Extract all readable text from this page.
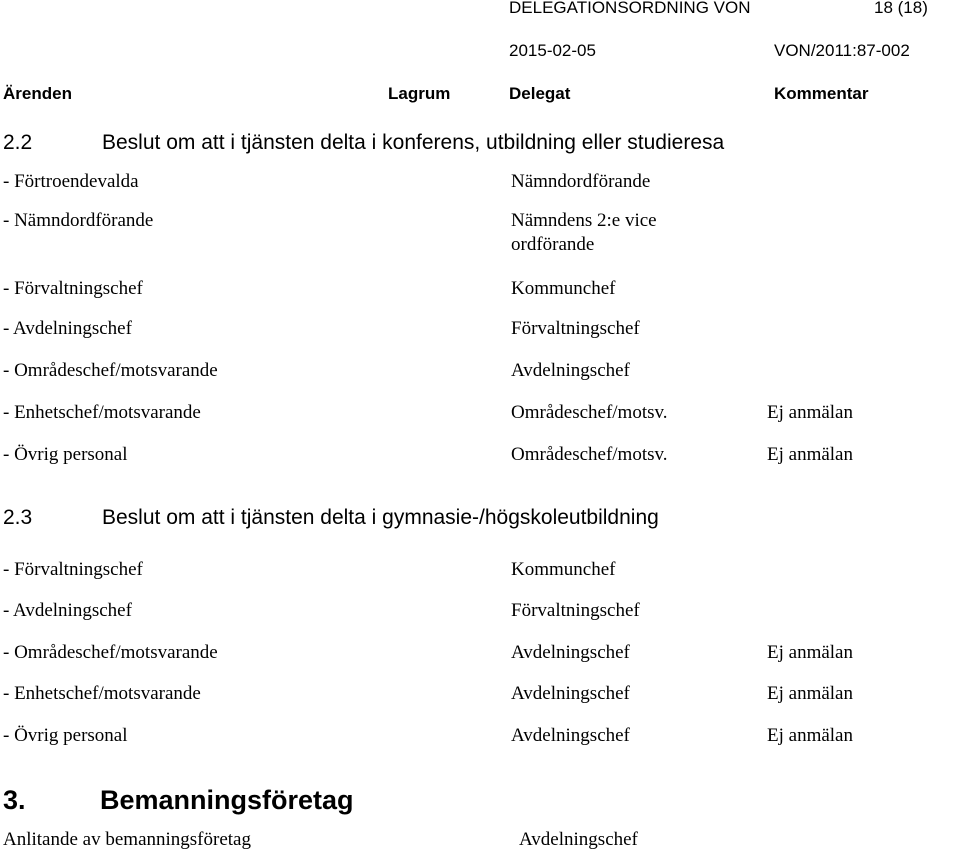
DELEGATIONSORDNING VON	18 (18)
2015-02-05	VON/2011:87-002
Ärenden	Lagrum	Delegat	Kommentar
2.2	Beslut om att i tjänsten delta i konferens, utbildning eller studieresa
- Förtroendevalda	Nämndordförande
- Nämndordförande	Nämndens 2:e vice
ordförande
- Förvaltningschef	Kommunchef
- Avdelningschef	Förvaltningschef
- Områdeschef/motsvarande	Avdelningschef
- Enhetschef/motsvarande	Områdeschef/motsv.	Ej anmälan
- Övrig personal	Områdeschef/motsv.	Ej anmälan
2.3	Beslut om att i tjänsten delta i gymnasie-/högskoleutbildning
- Förvaltningschef	Kommunchef
- Avdelningschef	Förvaltningschef
- Områdeschef/motsvarande	Avdelningschef	Ej anmälan
- Enhetschef/motsvarande	Avdelningschef	Ej anmälan
- Övrig personal	Avdelningschef	Ej anmälan
3.	Bemanningsföretag
Anlitande av bemanningsföretag	Avdelningschef
